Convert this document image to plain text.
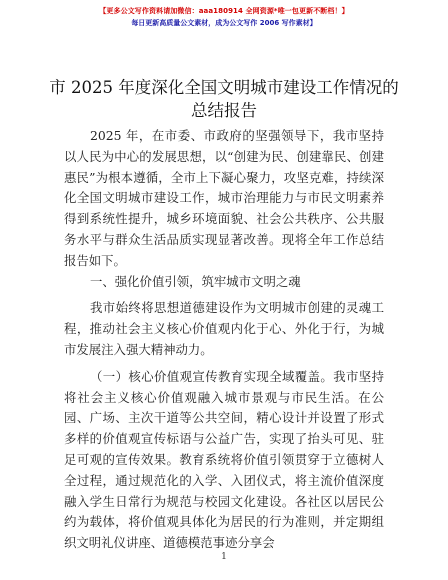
【更多公文写作资料请加微信：aaa180914 全网资源*唯一包更新不断档！】
每日更新高质量公文素材，成为公文写作 2006 写作素材】
市 2025 年度深化全国文明城市建设工作情况的
总结报告

2025 年，在市委、市政府的坚强领导下，我市坚持以人民为中心的发展思想，以“创建为民、创建靠民、创建惠民”为根本遵循，全市上下凝心聚力，攻坚克难，持续深化全国文明城市建设工作，城市治理能力与市民文明素养得到系统性提升，城乡环境面貌、社会公共秩序、公共服务水平与群众生活品质实现显著改善。现将全年工作总结报告如下。

一、强化价值引领，筑牢城市文明之魂

我市始终将思想道德建设作为文明城市创建的灵魂工程，推动社会主义核心价值观内化于心、外化于行，为城市发展注入强大精神动力。

（一）核心价值观宣传教育实现全域覆盖。我市坚持将社会主义核心价值观融入城市景观与市民生活。在公园、广场、主次干道等公共空间，精心设计并设置了形式多样的价值观宣传标语与公益广告，实现了抬头可见、驻足可观的宣传效果。教育系统将价值引领贯穿于立德树人全过程，通过规范化的入学、入团仪式，将主流价值深度融入学生日常行为规范与校园文化建设。各社区以居民公约为载体，将价值观具体化为居民的行为准则，并定期组织文明礼仪讲座、道德模范事迹分享会

1
